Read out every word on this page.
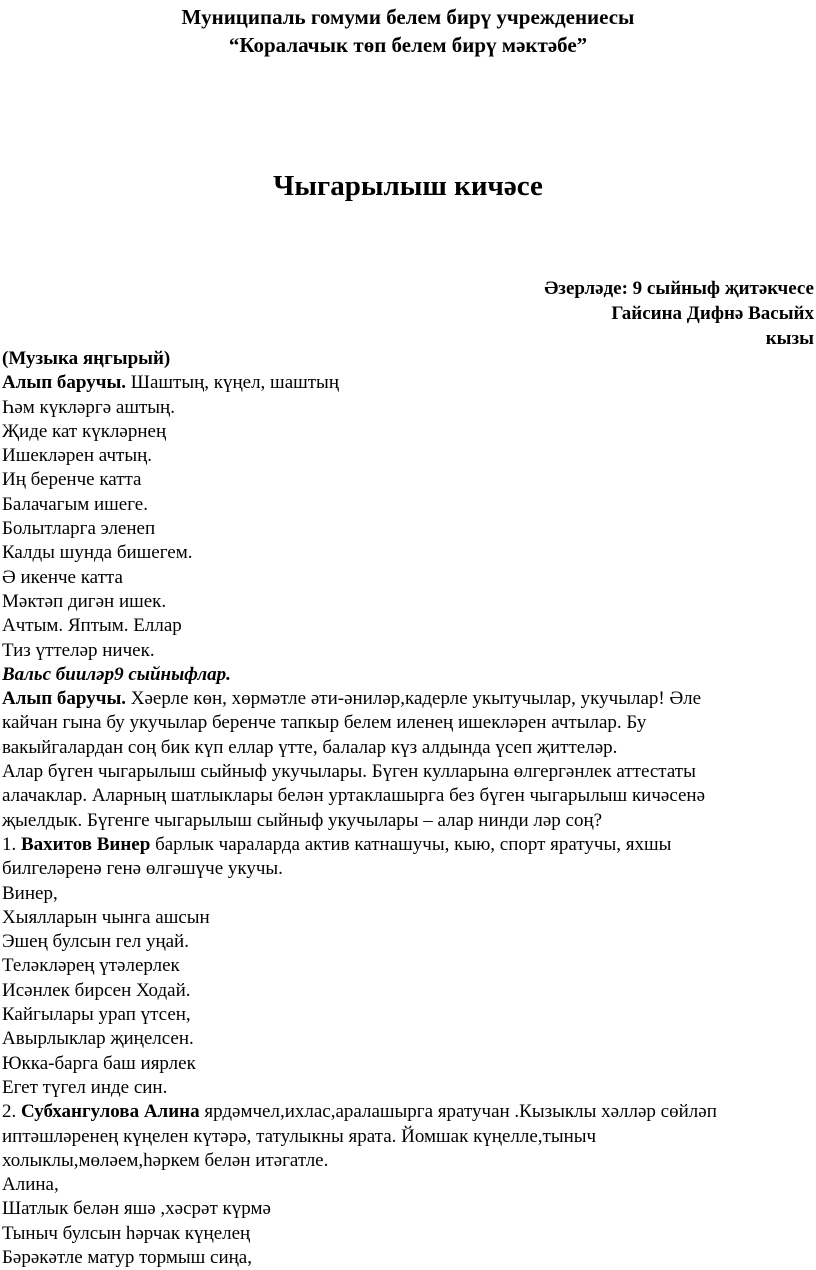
Муниципаль гомуми белем бирү учреждениесы
“Коралачык төп белем бирү мәктәбе”
Чыгарылыш кичәсе
Әзерләде: 9 сыйныф җитәкчесе
Гайсина Дифнә Васыйх
кызы
(Музыка яңгырый)
Алып баручы. Шаштың, күңел, шаштың
Һәм күкләргә аштың.
Җиде кат күкләрнең
Ишекләрен ачтың.
Иң беренче катта
Балачагым ишеге.
Болытларга эленеп
Калды шунда бишегем.
Ә икенче катта
Мәктәп дигән ишек.
Ачтым. Яптым. Еллар
Тиз үттеләр ничек.
Вальс бииләр9 сыйныфлар.
Алып баручы. Хәерле көн, хөрмәтле әти-әниләр,кадерле укытучылар, укучылар! Әле
кайчан гына бу укучылар беренче тапкыр белем иленең ишекләрен ачтылар. Бу
вакыйгалардан соң бик күп еллар үтте, балалар күз алдында үсеп җиттеләр.
Алар бүген чыгарылыш сыйныф укучылары. Бүген кулларына өлгергәнлек аттестаты
алачаклар. Аларның шатлыклары белән уртаклашырга без бүген чыгарылыш кичәсенә
җыелдык. Бүгенге чыгарылыш сыйныф укучылары – алар нинди ләр соң?
1. Вахитов Винер барлык чараларда актив катнашучы, кыю, спорт яратучы, яхшы
билгеләренә генә өлгәшүче укучы.
Винер,
Хыялларын чынга ашсын
Эшең булсын гел уңай.
Теләкләрең үтәлерлек
Исәнлек бирсен Ходай.
Кайгылары урап үтсен,
Авырлыклар җиңелсен.
Юкка-барга баш иярлек
Егет түгел инде син.
2. Субхангулова Алина ярдәмчел,ихлас,аралашырга яратучан .Кызыклы хәлләр сөйләп
иптәшләренең күңелен күтәрә, татулыкны ярата. Йомшак күңелле,тыныч
холыклы,мөләем,һәркем белән итәгатле.
Алина,
Шатлык белән яшә ,хәсрәт күрмә
Тыныч булсын һәрчак күңелең
Бәрәкәтле матур тормыш сиңа,
